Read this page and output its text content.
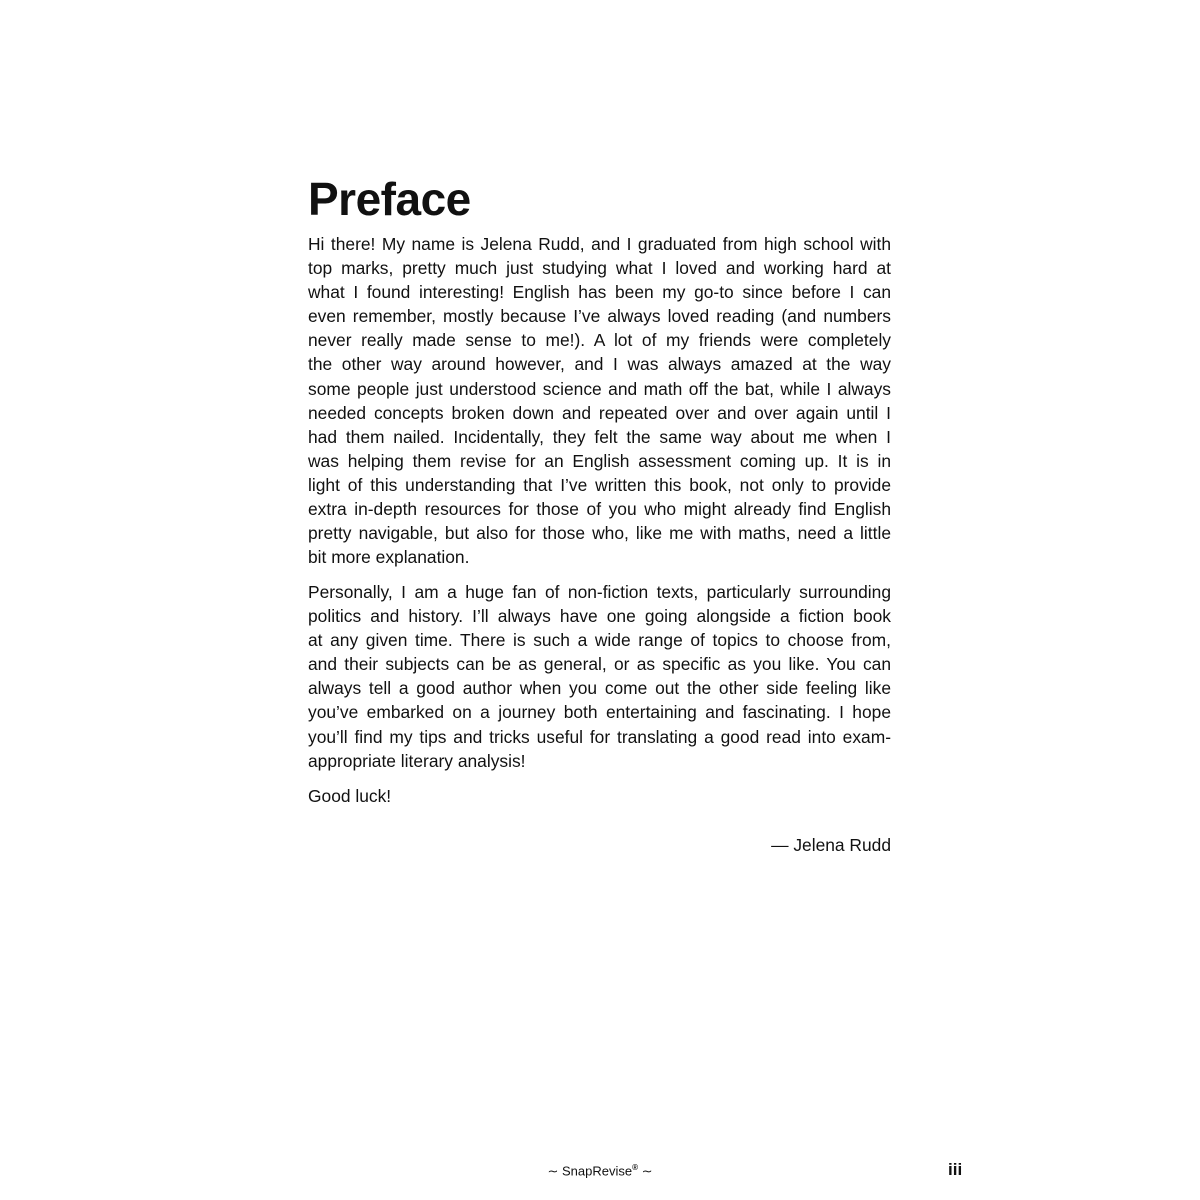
Preface
Hi there! My name is Jelena Rudd, and I graduated from high school with
top marks, pretty much just studying what I loved and working hard at
what I found interesting! English has been my go-to since before I can
even remember, mostly because I’ve always loved reading (and numbers
never really made sense to me!). A lot of my friends were completely
the other way around however, and I was always amazed at the way
some people just understood science and math off the bat, while I always
needed concepts broken down and repeated over and over again until I
had them nailed. Incidentally, they felt the same way about me when I
was helping them revise for an English assessment coming up. It is in
light of this understanding that I’ve written this book, not only to provide
extra in-depth resources for those of you who might already find English
pretty navigable, but also for those who, like me with maths, need a little
bit more explanation.
Personally, I am a huge fan of non-fiction texts, particularly surrounding
politics and history. I’ll always have one going alongside a fiction book
at any given time. There is such a wide range of topics to choose from,
and their subjects can be as general, or as specific as you like. You can
always tell a good author when you come out the other side feeling like
you’ve embarked on a journey both entertaining and fascinating. I hope
you’ll find my tips and tricks useful for translating a good read into exam-
appropriate literary analysis!
Good luck!
— Jelena Rudd
∼ SnapRevise® ∼	iii
